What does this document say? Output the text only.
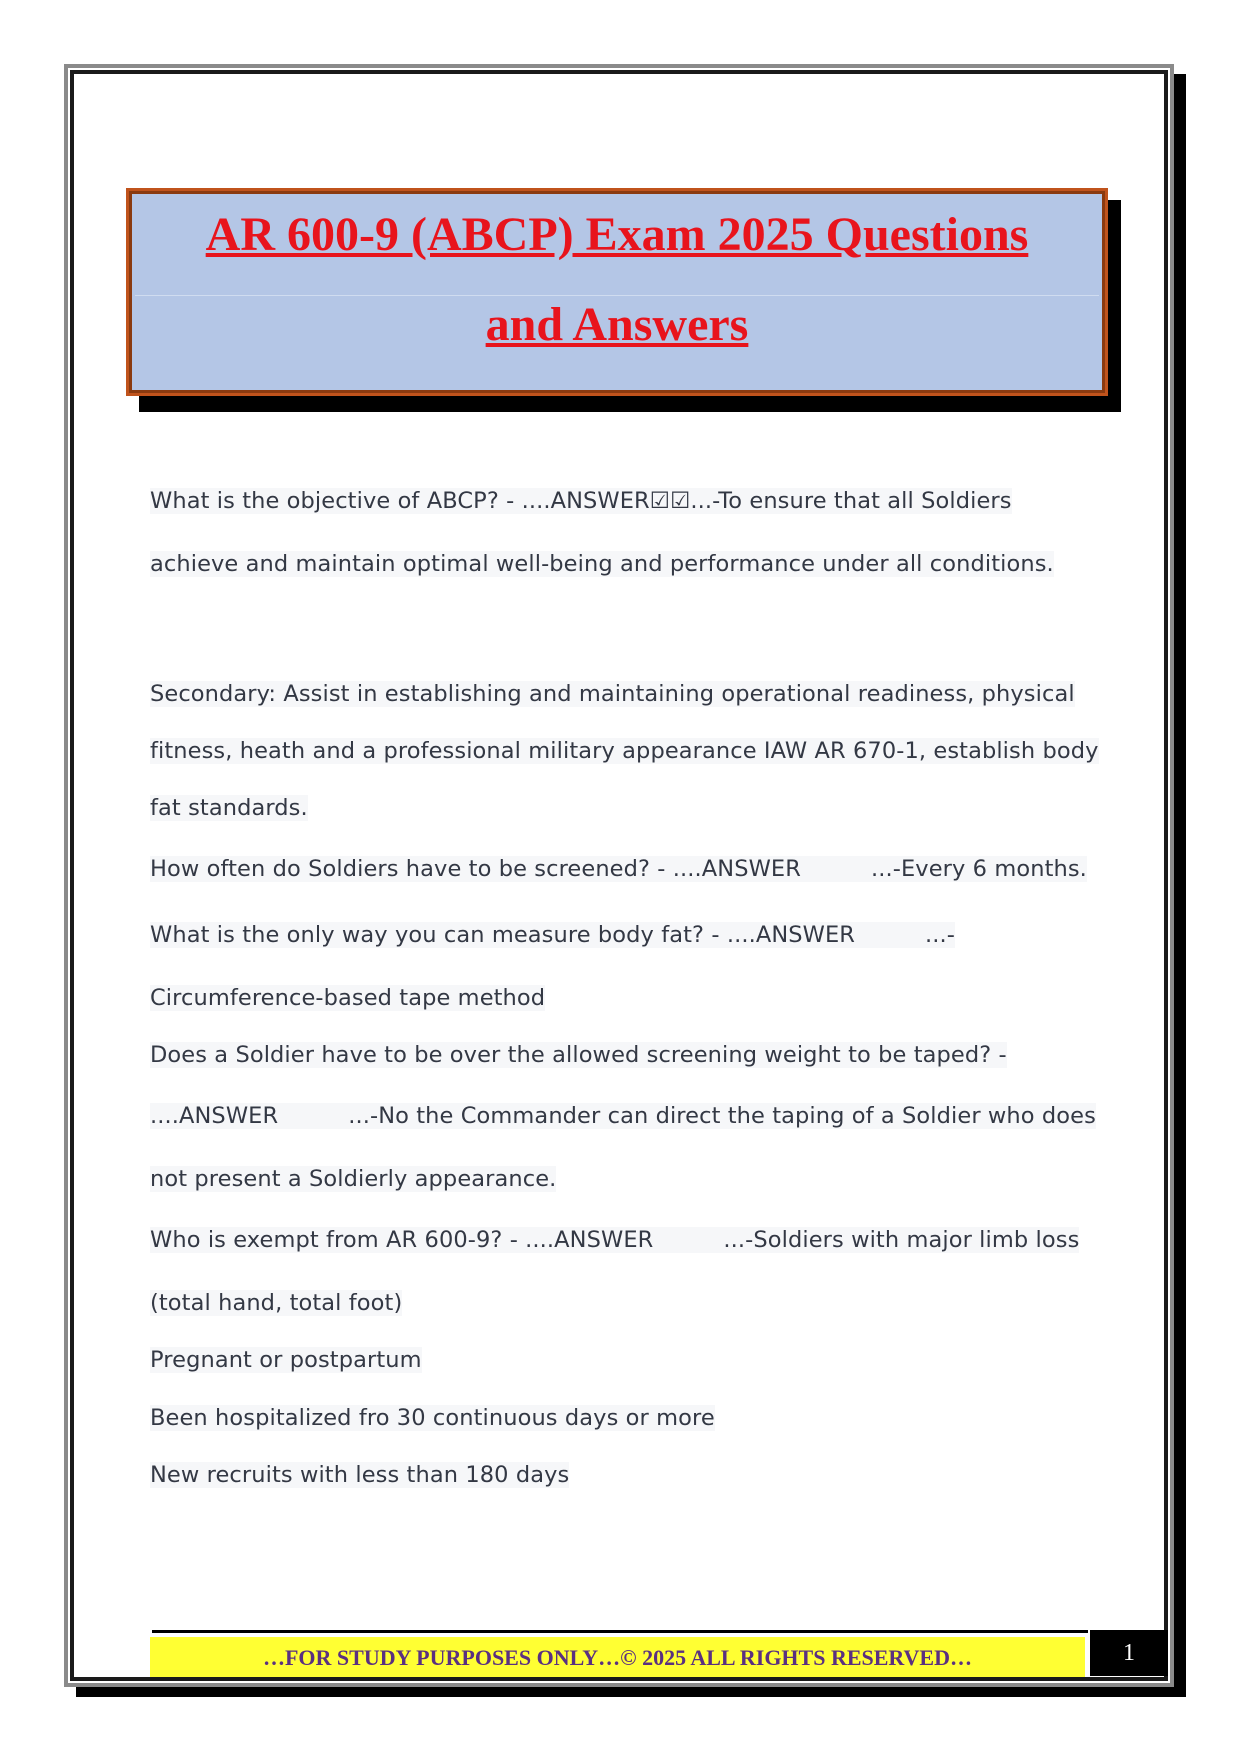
AR 600-9 (ABCP) Exam 2025 Questions
and Answers
What is the objective of ABCP? - ....ANSWER☑☑...-To ensure that all Soldiers
achieve and maintain optimal well-being and performance under all conditions.
Secondary: Assist in establishing and maintaining operational readiness, physical
fitness, heath and a professional military appearance IAW AR 670-1, establish body
fat standards.
How often do Soldiers have to be screened? - ....ANSWER	...-Every 6 months.
What is the only way you can measure body fat? - ....ANSWER	...-
Circumference-based tape method
Does a Soldier have to be over the allowed screening weight to be taped? -
....ANSWER	...-No the Commander can direct the taping of a Soldier who does
not present a Soldierly appearance.
Who is exempt from AR 600-9? - ....ANSWER	...-Soldiers with major limb loss
(total hand, total foot)
Pregnant or postpartum
Been hospitalized fro 30 continuous days or more
New recruits with less than 180 days
…FOR STUDY PURPOSES ONLY…© 2025 ALL RIGHTS RESERVED…	1
